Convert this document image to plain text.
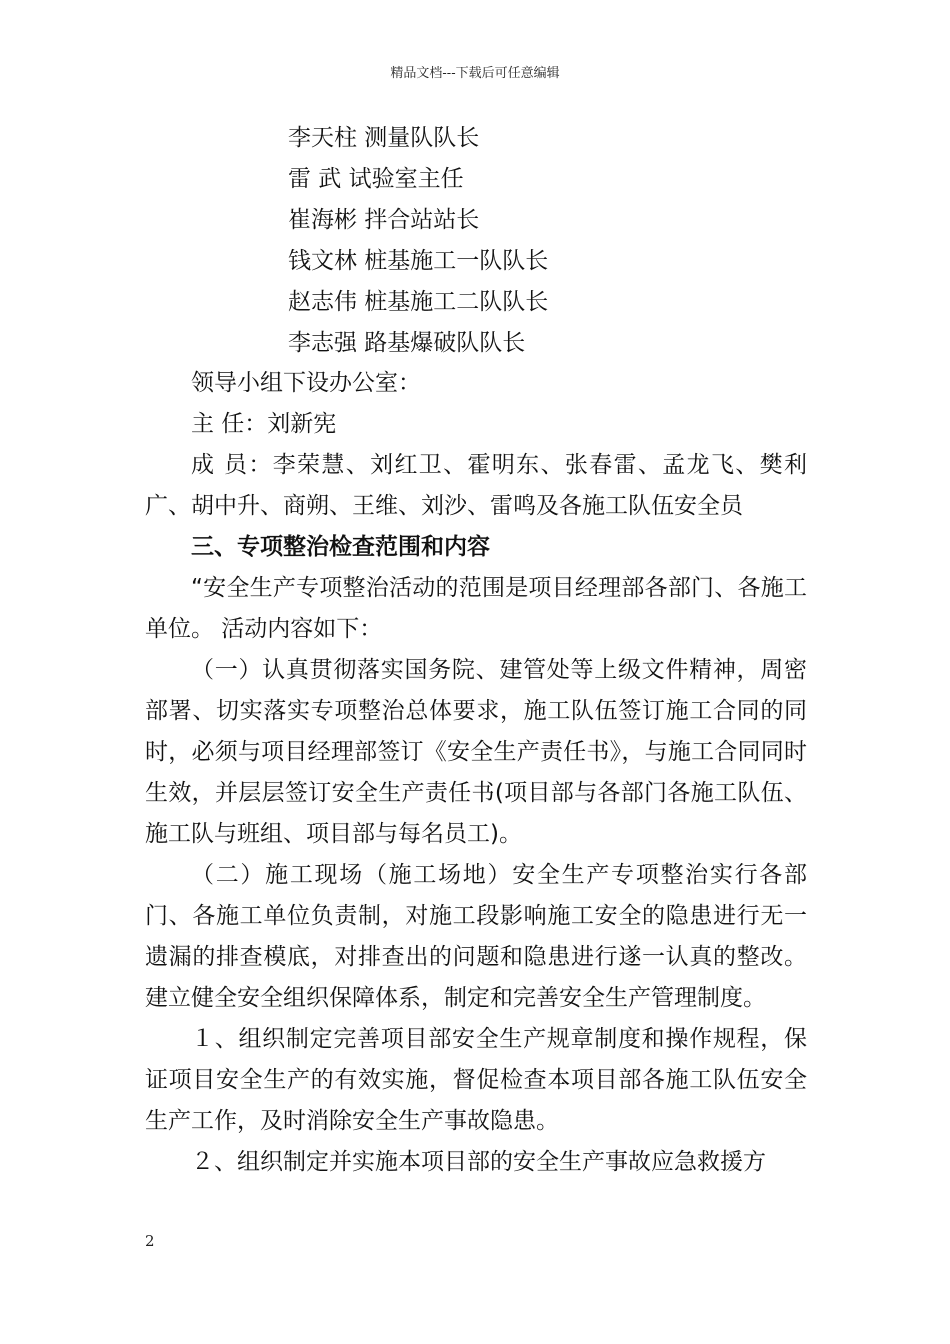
精品文档---下载后可任意编辑
李天柱 测量队队长
雷 武 试验室主任
崔海彬 拌合站站长
钱文林 桩基施工一队队长
赵志伟 桩基施工二队队长
李志强 路基爆破队队长

领导小组下设办公室：

主 任：刘新宪

成 员：李荣慧、刘红卫、霍明东、张春雷、孟龙飞、樊利广、胡中升、商朔、王维、刘沙、雷鸣及各施工队伍安全员

三、专项整治检查范围和内容

“安全生产专项整治活动的范围是项目经理部各部门、各施工单位。 活动内容如下：

（一）认真贯彻落实国务院、建管处等上级文件精神，周密部署、切实落实专项整治总体要求，施工队伍签订施工合同的同时，必须与项目经理部签订《安全生产责任书》，与施工合同同时生效，并层层签订安全生产责任书(项目部与各部门各施工队伍、施工队与班组、项目部与每名员工)。

（二）施工现场（施工场地）安全生产专项整治实行各部门、各施工单位负责制，对施工段影响施工安全的隐患进行无一遗漏的排查模底，对排查出的问题和隐患进行遂一认真的整改。建立健全安全组织保障体系，制定和完善安全生产管理制度。

１、组织制定完善项目部安全生产规章制度和操作规程，保证项目安全生产的有效实施，督促检查本项目部各施工队伍安全生产工作，及时消除安全生产事故隐患。

２、组织制定并实施本项目部的安全生产事故应急救援方

2
